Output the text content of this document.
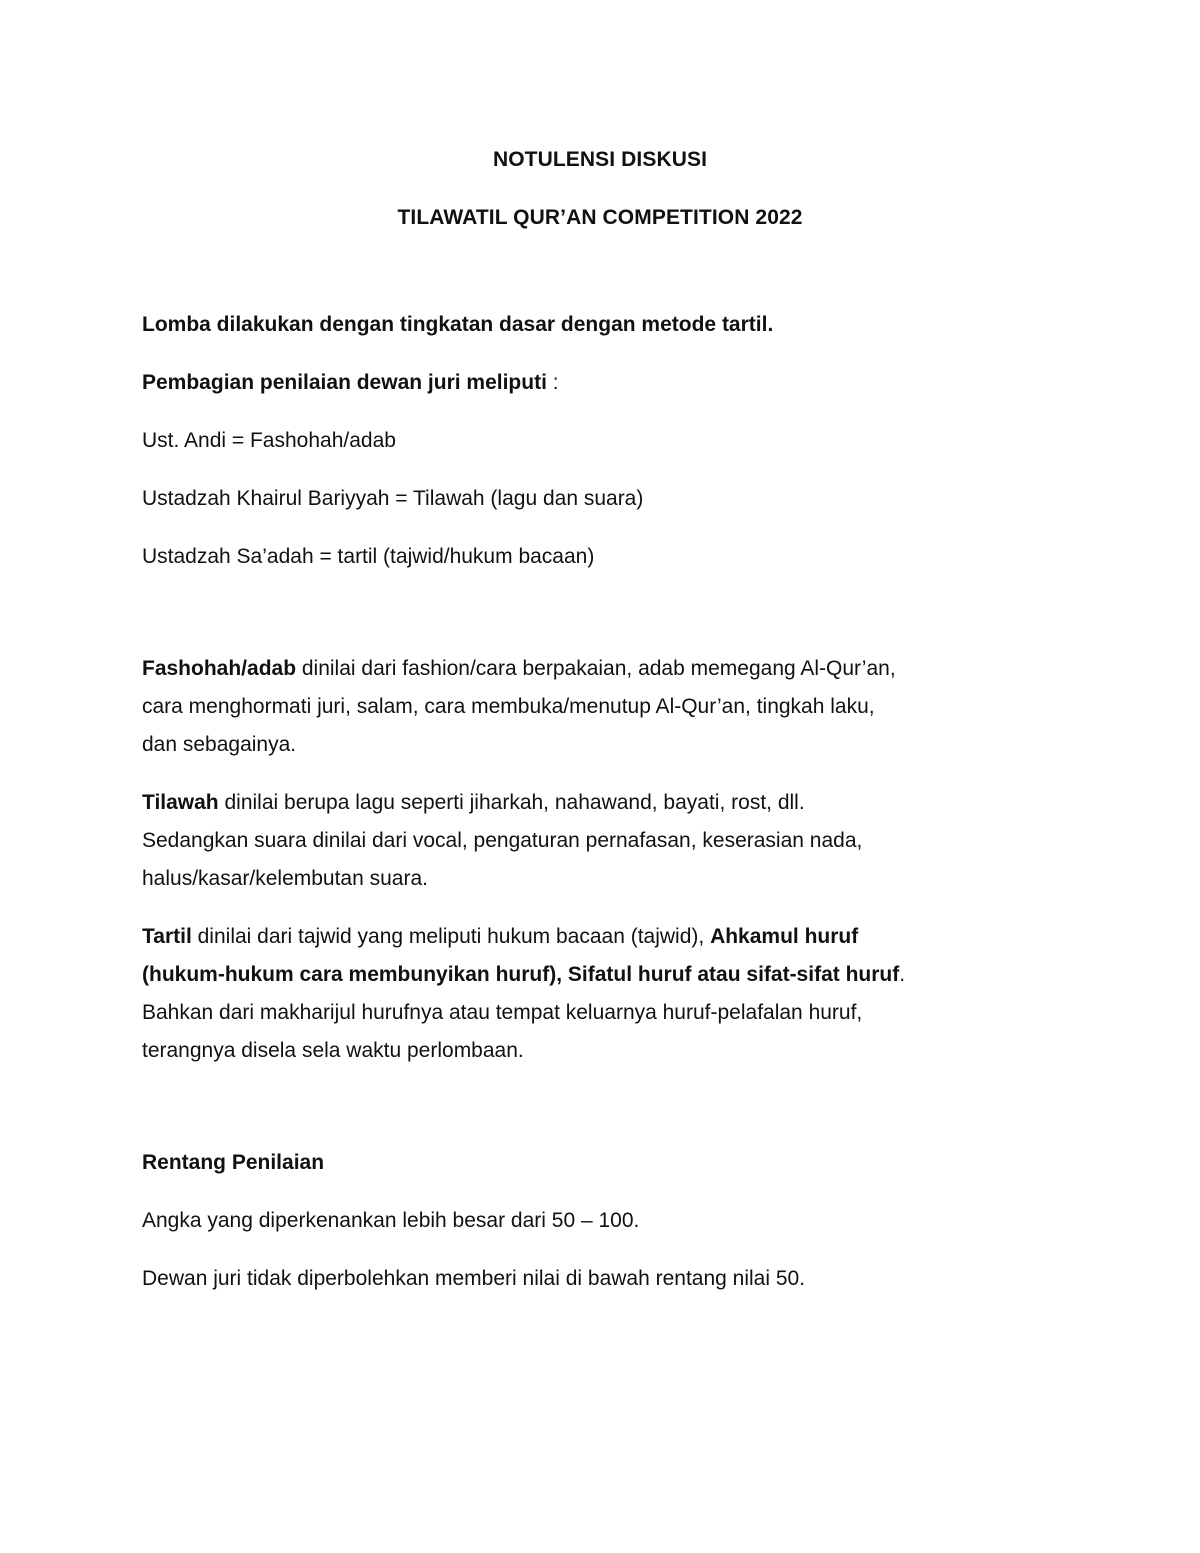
NOTULENSI DISKUSI
TILAWATIL QUR’AN COMPETITION 2022
Lomba dilakukan dengan tingkatan dasar dengan metode tartil.
Pembagian penilaian dewan juri meliputi :
Ust. Andi = Fashohah/adab
Ustadzah Khairul Bariyyah = Tilawah (lagu dan suara)
Ustadzah Sa’adah = tartil (tajwid/hukum bacaan)
Fashohah/adab dinilai dari fashion/cara berpakaian, adab memegang Al-Qur’an,
cara menghormati juri, salam, cara membuka/menutup Al-Qur’an, tingkah laku,
dan sebagainya.
Tilawah dinilai berupa lagu seperti jiharkah, nahawand, bayati, rost, dll.
Sedangkan suara dinilai dari vocal, pengaturan pernafasan, keserasian nada,
halus/kasar/kelembutan suara.
Tartil dinilai dari tajwid yang meliputi hukum bacaan (tajwid), Ahkamul huruf
(hukum-hukum cara membunyikan huruf), Sifatul huruf atau sifat-sifat huruf.
Bahkan dari makharijul hurufnya atau tempat keluarnya huruf-pelafalan huruf,
terangnya disela sela waktu perlombaan.
Rentang Penilaian
Angka yang diperkenankan lebih besar dari 50 – 100.
Dewan juri tidak diperbolehkan memberi nilai di bawah rentang nilai 50.
